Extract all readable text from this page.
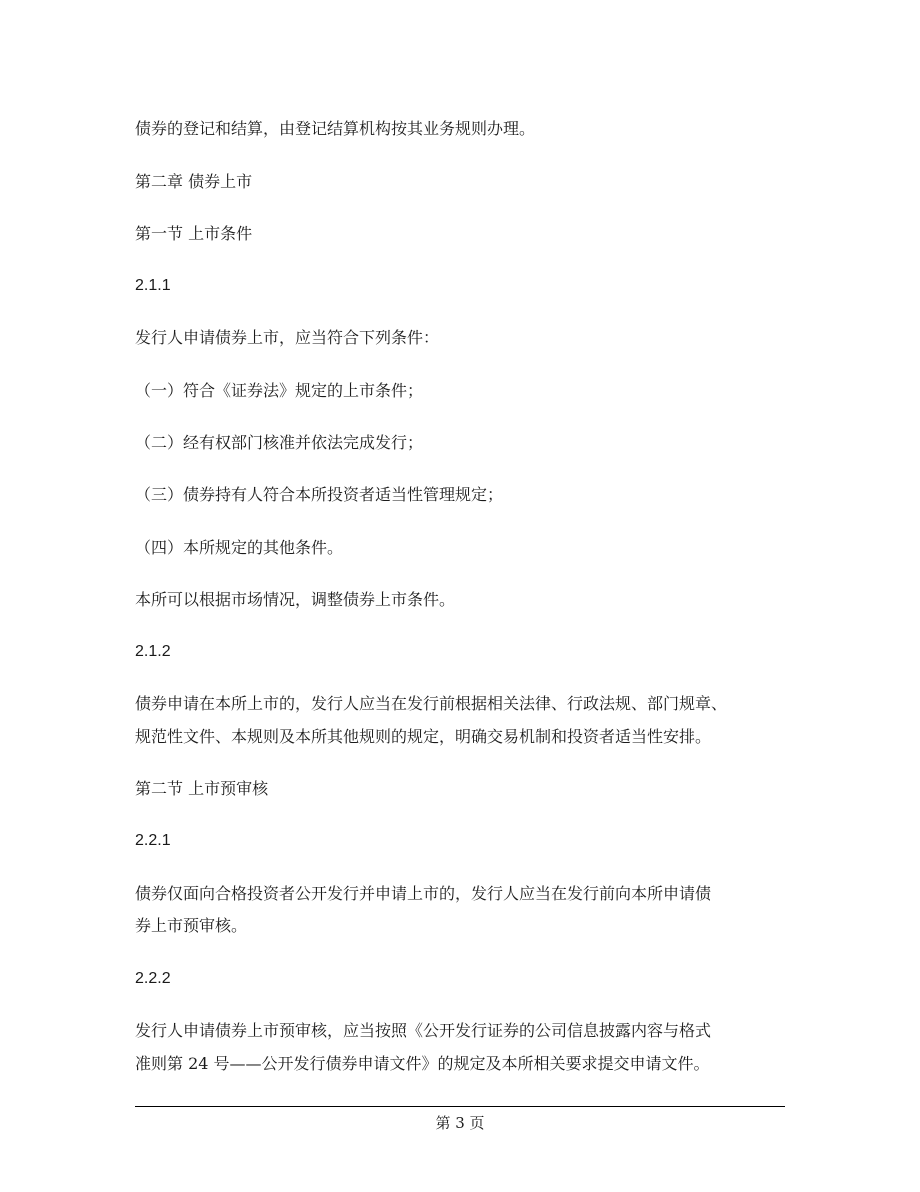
债券的登记和结算，由登记结算机构按其业务规则办理。
第二章 债券上市
第一节 上市条件
2.1.1
发行人申请债券上市，应当符合下列条件：
（一）符合《证券法》规定的上市条件；
（二）经有权部门核准并依法完成发行；
（三）债券持有人符合本所投资者适当性管理规定；
（四）本所规定的其他条件。
本所可以根据市场情况，调整债券上市条件。
2.1.2
债券申请在本所上市的，发行人应当在发行前根据相关法律、行政法规、部门规章、
规范性文件、本规则及本所其他规则的规定，明确交易机制和投资者适当性安排。
第二节 上市预审核
2.2.1
债券仅面向合格投资者公开发行并申请上市的，发行人应当在发行前向本所申请债
券上市预审核。
2.2.2
发行人申请债券上市预审核，应当按照《公开发行证券的公司信息披露内容与格式
准则第 24 号——公开发行债券申请文件》的规定及本所相关要求提交申请文件。
第 3 页
